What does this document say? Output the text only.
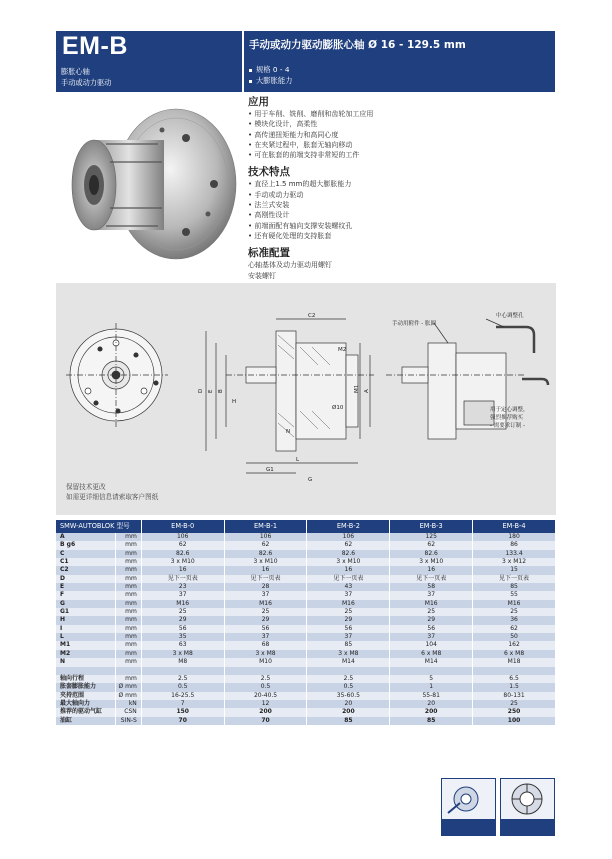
EM-B
膨胀心轴
手动或动力驱动
手动或动力驱动膨胀心轴 Ø 16 - 129.5 mm
规格 0 - 4
大膨胀能力
应用
• 用于车削、铣削、磨削和齿轮加工应用
• 模块化设计，高柔性
• 高传递扭矩能力和高同心度
• 在夹紧过程中，胀套无轴向移动
• 可在胀套的前端支持非常短的工件
技术特点
• 直径上1.5 mm的超大膨胀能力
• 手动或动力驱动
• 法兰式安装
• 高刚性设计
• 前端面配有轴向支撑安装螺纹孔
• 还有硬化处理的支持胀套
标准配置

心轴基体及动力驱动用螺钉

安装螺钉

D E B
L
G1
C2
M1 A
H
G
M2
Ø10
N
手动用附件 - 胀圈
中心调整孔
用于定心调整，
强烈推荐购买
- 需要求订制 -
保留技术更改
如需更详细信息请索取客户图纸
SMW-AUTOBLOK 型号		EM-B-0	EM-B-1	EM-B-2	EM-B-3	EM-B-4
A	mm	106	106	106	125	180
B ɡ6	mm	62	62	62	62	86
C	mm	82.6	82.6	82.6	82.6	133.4
C1	mm	3 x M10	3 x M10	3 x M10	3 x M10	3 x M12
C2	mm	16	16	16	16	15
D	mm	见下一页表	见下一页表	见下一页表	见下一页表	见下一页表
E	mm	23	28	43	58	85
F	mm	37	37	37	37	55
G	mm	M16	M16	M16	M16	M16
G1	mm	25	25	25	25	25
H	mm	29	29	29	29	36
I	mm	56	56	56	56	62
L	mm	35	37	37	37	50
M1	mm	63	68	85	104	162
M2	mm	3 x M8	3 x M8	3 x M8	6 x M8	6 x M8
N	mm	M8	M10	M14	M14	M18

轴向行程	mm	2.5	2.5	2.5	5	6.5
胀套膨胀能力	Ø mm	0.5	0.5	0.5	1	1.5
夹持范围	Ø mm	16-25.5	20-40.5	35-60.5	55-81	80-131
最大轴向力	kN	7	12	20	20	25
推荐的驱动气缸	CSN	150	200	200	200	250
油缸	SIN-S	70	70	85	85	100
